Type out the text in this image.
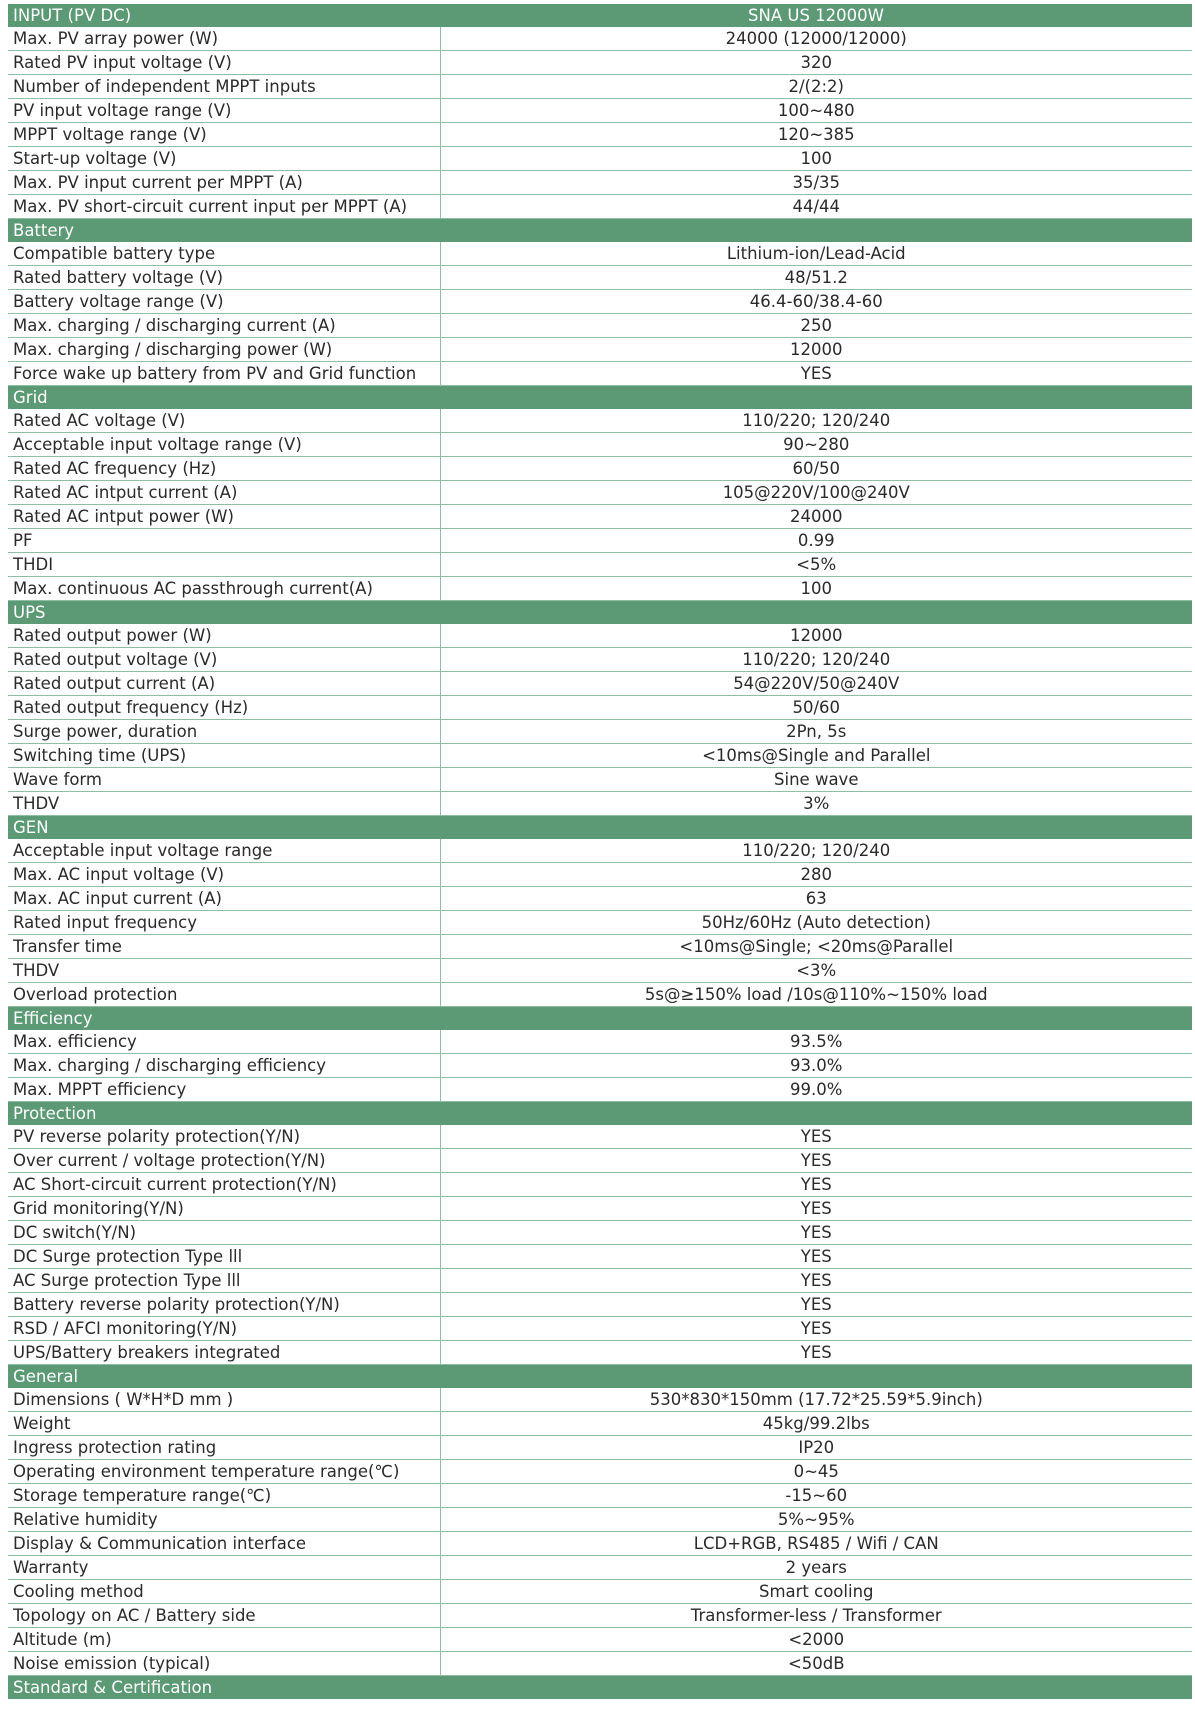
INPUT (PV DC)	SNA US 12000W
Max. PV array power (W)	24000 (12000/12000)
Rated PV input voltage (V)	320
Number of independent MPPT inputs	2/(2:2)
PV input voltage range (V)	100~480
MPPT voltage range (V)	120~385
Start-up voltage (V)	100
Max. PV input current per MPPT (A)	35/35
Max. PV short-circuit current input per MPPT (A)	44/44
Battery	
Compatible battery type	Lithium-ion/Lead-Acid
Rated battery voltage (V)	48/51.2
Battery voltage range (V)	46.4-60/38.4-60
Max. charging / discharging current (A)	250
Max. charging / discharging power (W)	12000
Force wake up battery from PV and Grid function	YES
Grid	
Rated AC voltage (V)	110/220; 120/240
Acceptable input voltage range (V)	90~280
Rated AC frequency (Hz)	60/50
Rated AC intput current (A)	105@220V/100@240V
Rated AC intput power (W)	24000
PF	0.99
THDI	<5%
Max. continuous AC passthrough current(A)	100
UPS	
Rated output power (W)	12000
Rated output voltage (V)	110/220; 120/240
Rated output current (A)	54@220V/50@240V
Rated output frequency (Hz)	50/60
Surge power, duration	2Pn, 5s
Switching time (UPS)	<10ms@Single and Parallel
Wave form	Sine wave
THDV	3%
GEN	
Acceptable input voltage range	110/220; 120/240
Max. AC input voltage (V)	280
Max. AC input current (A)	63
Rated input frequency	50Hz/60Hz (Auto detection)
Transfer time	<10ms@Single; <20ms@Parallel
THDV	<3%
Overload protection	5s@≥150% load /10s@110%~150% load
Efficiency	
Max. efficiency	93.5%
Max. charging / discharging efficiency	93.0%
Max. MPPT efficiency	99.0%
Protection	
PV reverse polarity protection(Y/N)	YES
Over current / voltage protection(Y/N)	YES
AC Short-circuit current protection(Y/N)	YES
Grid monitoring(Y/N)	YES
DC switch(Y/N)	YES
DC Surge protection Type lll	YES
AC Surge protection Type lll	YES
Battery reverse polarity protection(Y/N)	YES
RSD / AFCI monitoring(Y/N)	YES
UPS/Battery breakers integrated	YES
General	
Dimensions ( W*H*D mm )	530*830*150mm (17.72*25.59*5.9inch)
Weight	45kg/99.2lbs
Ingress protection rating	IP20
Operating environment temperature range(℃)	0~45
Storage temperature range(℃)	-15~60
Relative humidity	5%~95%
Display & Communication interface	LCD+RGB, RS485 / Wifi / CAN
Warranty	2 years
Cooling method	Smart cooling
Topology on AC / Battery side	Transformer-less / Transformer
Altitude (m)	<2000
Noise emission (typical)	<50dB
Standard & Certification	
